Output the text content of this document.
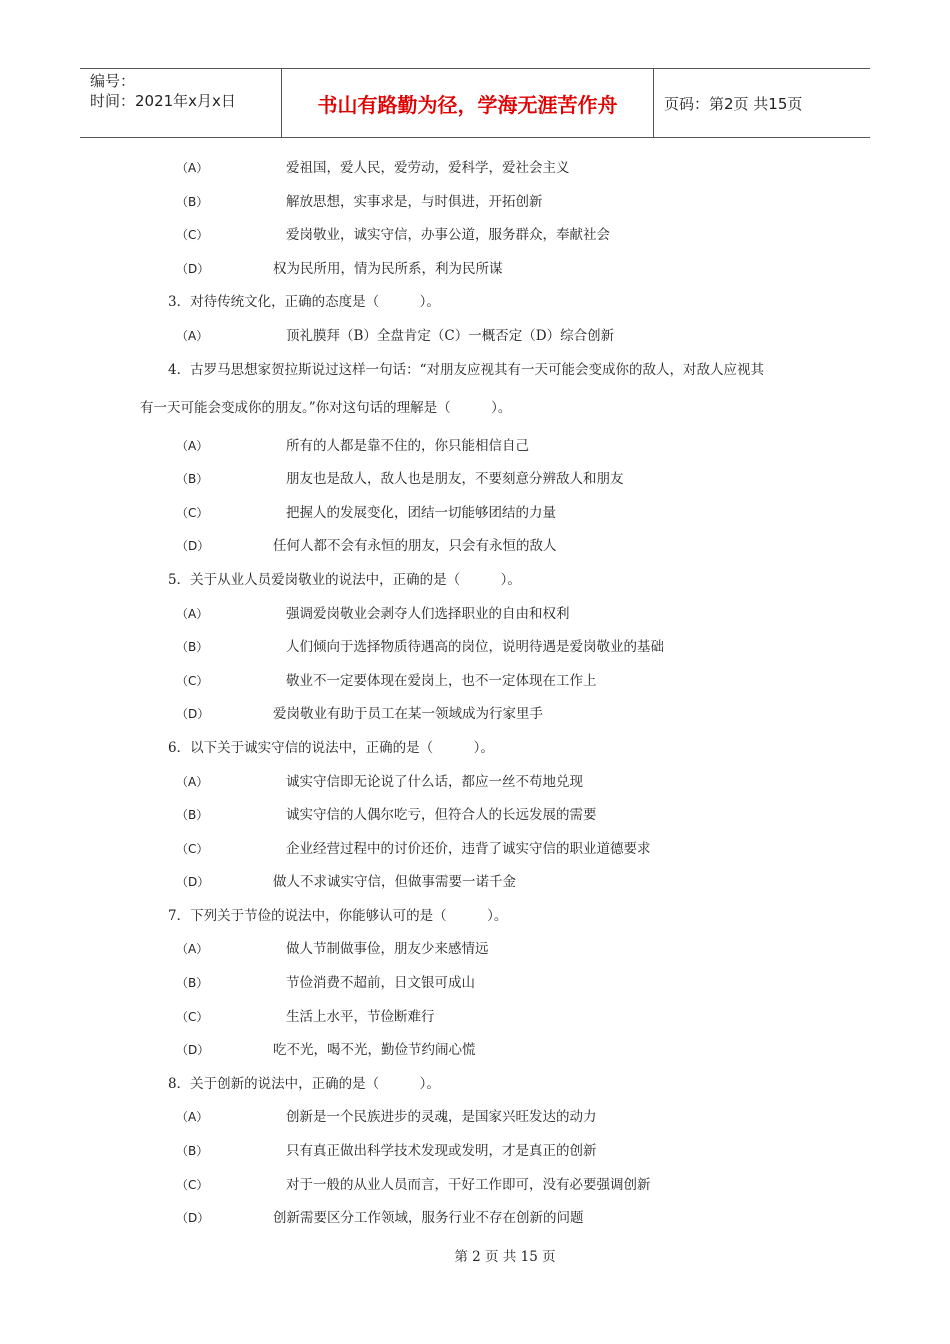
编号：
时间：2021年x月x日	书山有路勤为径，学海无涯苦作舟	页码：第2页 共15页
（A）	爱祖国，爱人民，爱劳动，爱科学，爱社会主义
（B）	解放思想，实事求是，与时俱进，开拓创新
（C）	爱岗敬业，诚实守信，办事公道，服务群众，奉献社会
（D）	权为民所用，情为民所系，利为民所谋
3．对待传统文化，正确的态度是（　　　）。
（A）	顶礼膜拜（B）全盘肯定（C）一概否定（D）综合创新
4．古罗马思想家贺拉斯说过这样一句话：“对朋友应视其有一天可能会变成你的敌人，对敌人应视其
有一天可能会变成你的朋友。”你对这句话的理解是（　　　）。
（A）	所有的人都是靠不住的，你只能相信自己
（B）	朋友也是敌人，敌人也是朋友，不要刻意分辨敌人和朋友
（C）	把握人的发展变化，团结一切能够团结的力量
（D）	任何人都不会有永恒的朋友，只会有永恒的敌人
5．关于从业人员爱岗敬业的说法中，正确的是（　　　）。
（A）	强调爱岗敬业会剥夺人们选择职业的自由和权利
（B）	人们倾向于选择物质待遇高的岗位，说明待遇是爱岗敬业的基础
（C）	敬业不一定要体现在爱岗上，也不一定体现在工作上
（D）	爱岗敬业有助于员工在某一领域成为行家里手
6．以下关于诚实守信的说法中，正确的是（　　　）。
（A）	诚实守信即无论说了什么话，都应一丝不苟地兑现
（B）	诚实守信的人偶尔吃亏，但符合人的长远发展的需要
（C）	企业经营过程中的讨价还价，违背了诚实守信的职业道德要求
（D）	做人不求诚实守信，但做事需要一诺千金
7．下列关于节俭的说法中，你能够认可的是（　　　）。
（A）	做人节制做事俭，朋友少来感情远
（B）	节俭消费不超前，日文银可成山
（C）	生活上水平，节俭断难行
（D）	吃不光，喝不光，勤俭节约闹心慌
8．关于创新的说法中，正确的是（　　　）。
（A）	创新是一个民族进步的灵魂，是国家兴旺发达的动力
（B）	只有真正做出科学技术发现或发明，才是真正的创新
（C）	对于一般的从业人员而言，干好工作即可，没有必要强调创新
（D）	创新需要区分工作领域，服务行业不存在创新的问题
第 2 页 共 15 页
